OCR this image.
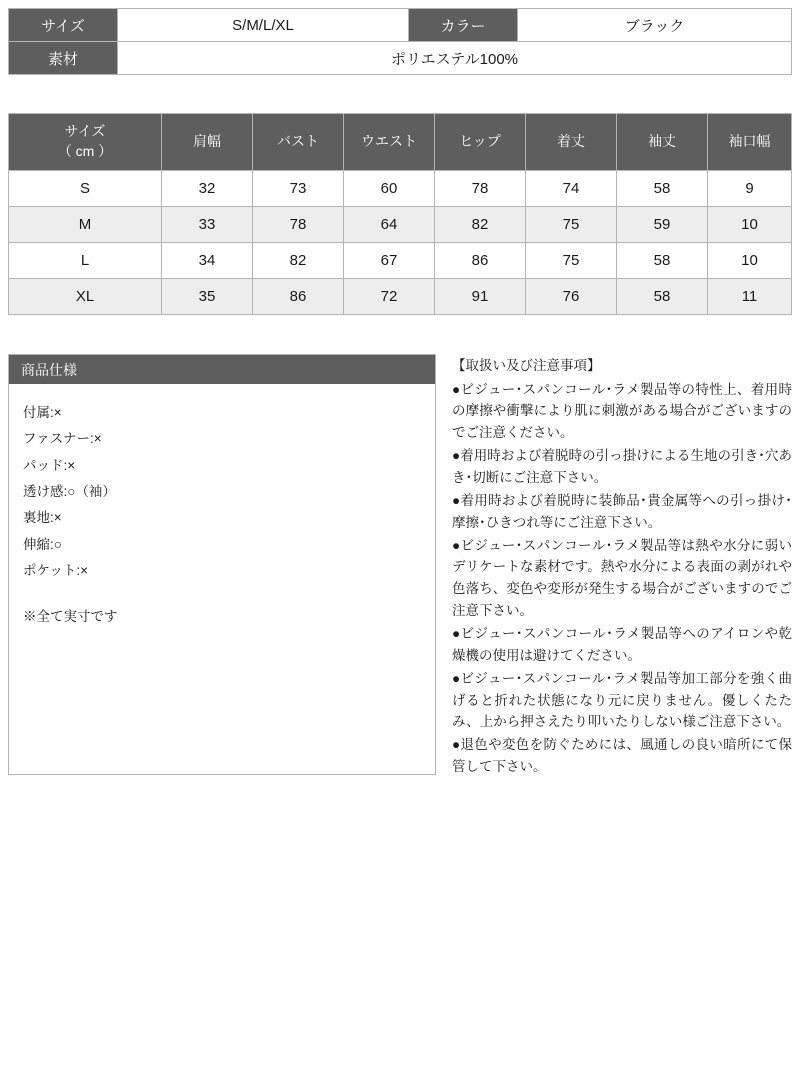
サイズ	S/M/L/XL	カラー	ブラック
素材	ポリエステル100%		
サイズ
（ cm ）	肩幅	バスト	ウエスト	ヒップ	着丈	袖丈	袖口幅
S	32	73	60	78	74	58	9
M	33	78	64	82	75	59	10
L	34	82	67	86	75	58	10
XL	35	86	72	91	76	58	11
商品仕様
付属:×
ファスナー:×
パッド:×
透け感:○（袖）
裏地:×
伸縮:○
ポケット:×
※全て実寸です
【取扱い及び注意事項】
●ビジュー･スパンコール･ラメ製品等の特性上、着用時の摩擦や衝撃により肌に刺激がある場合がございますのでご注意ください。
●着用時および着脱時の引っ掛けによる生地の引き･穴あき･切断にご注意下さい。
●着用時および着脱時に装飾品･貴金属等への引っ掛け･摩擦･ひきつれ等にご注意下さい。
●ビジュー･スパンコール･ラメ製品等は熱や水分に弱いデリケートな素材です。熱や水分による表面の剥がれや色落ち、変色や変形が発生する場合がございますのでご注意下さい。
●ビジュー･スパンコール･ラメ製品等へのアイロンや乾燥機の使用は避けてください。
●ビジュー･スパンコール･ラメ製品等加工部分を強く曲げると折れた状態になり元に戻りません。優しくたたみ、上から押さえたり叩いたりしない様ご注意下さい。
●退色や変色を防ぐためには、風通しの良い暗所にて保管して下さい。
